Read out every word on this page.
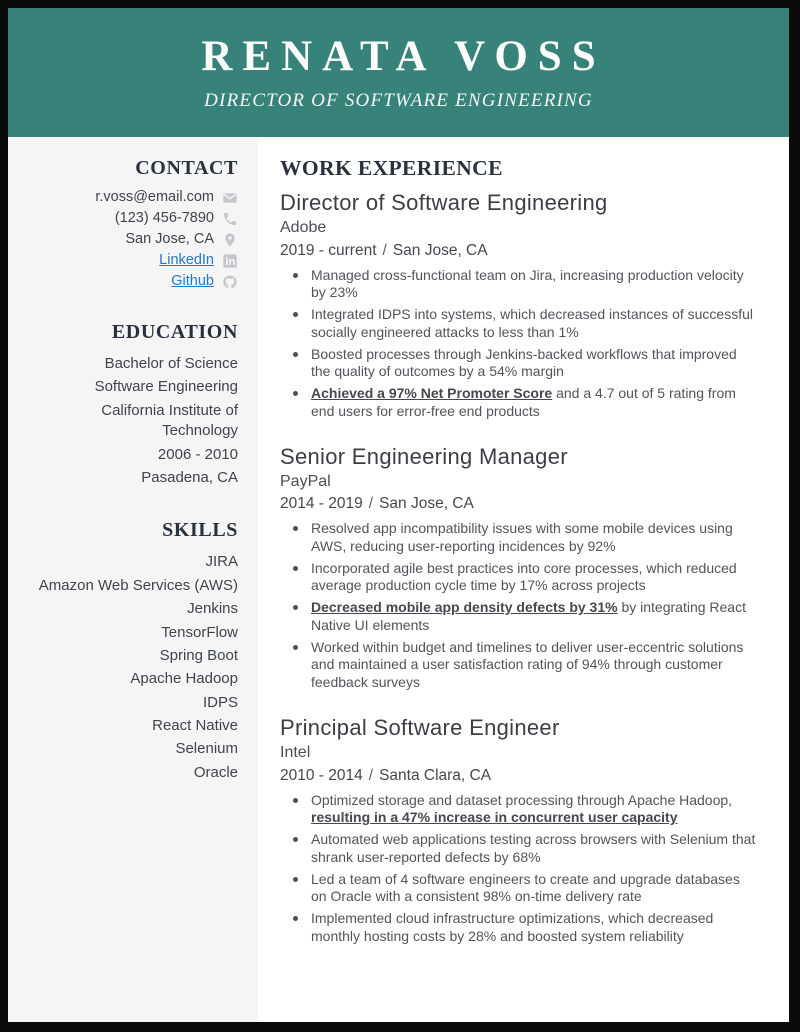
RENATA VOSS
DIRECTOR OF SOFTWARE ENGINEERING
CONTACT
r.voss@email.com
(123) 456-7890
San Jose, CA
LinkedIn
Github
EDUCATION
Bachelor of Science
Software Engineering
California Institute of Technology
2006 - 2010
Pasadena, CA
SKILLS
JIRA
Amazon Web Services (AWS)
Jenkins
TensorFlow
Spring Boot
Apache Hadoop
IDPS
React Native
Selenium
Oracle
WORK EXPERIENCE
Director of Software Engineering
Adobe
2019 - current / San Jose, CA
Managed cross-functional team on Jira, increasing production velocity by 23%
Integrated IDPS into systems, which decreased instances of successful socially engineered attacks to less than 1%
Boosted processes through Jenkins-backed workflows that improved the quality of outcomes by a 54% margin
Achieved a 97% Net Promoter Score and a 4.7 out of 5 rating from end users for error-free end products
Senior Engineering Manager
PayPal
2014 - 2019 / San Jose, CA
Resolved app incompatibility issues with some mobile devices using AWS, reducing user-reporting incidences by 92%
Incorporated agile best practices into core processes, which reduced average production cycle time by 17% across projects
Decreased mobile app density defects by 31% by integrating React Native UI elements
Worked within budget and timelines to deliver user-eccentric solutions and maintained a user satisfaction rating of 94% through customer feedback surveys
Principal Software Engineer
Intel
2010 - 2014 / Santa Clara, CA
Optimized storage and dataset processing through Apache Hadoop, resulting in a 47% increase in concurrent user capacity
Automated web applications testing across browsers with Selenium that shrank user-reported defects by 68%
Led a team of 4 software engineers to create and upgrade databases on Oracle with a consistent 98% on-time delivery rate
Implemented cloud infrastructure optimizations, which decreased monthly hosting costs by 28% and boosted system reliability
